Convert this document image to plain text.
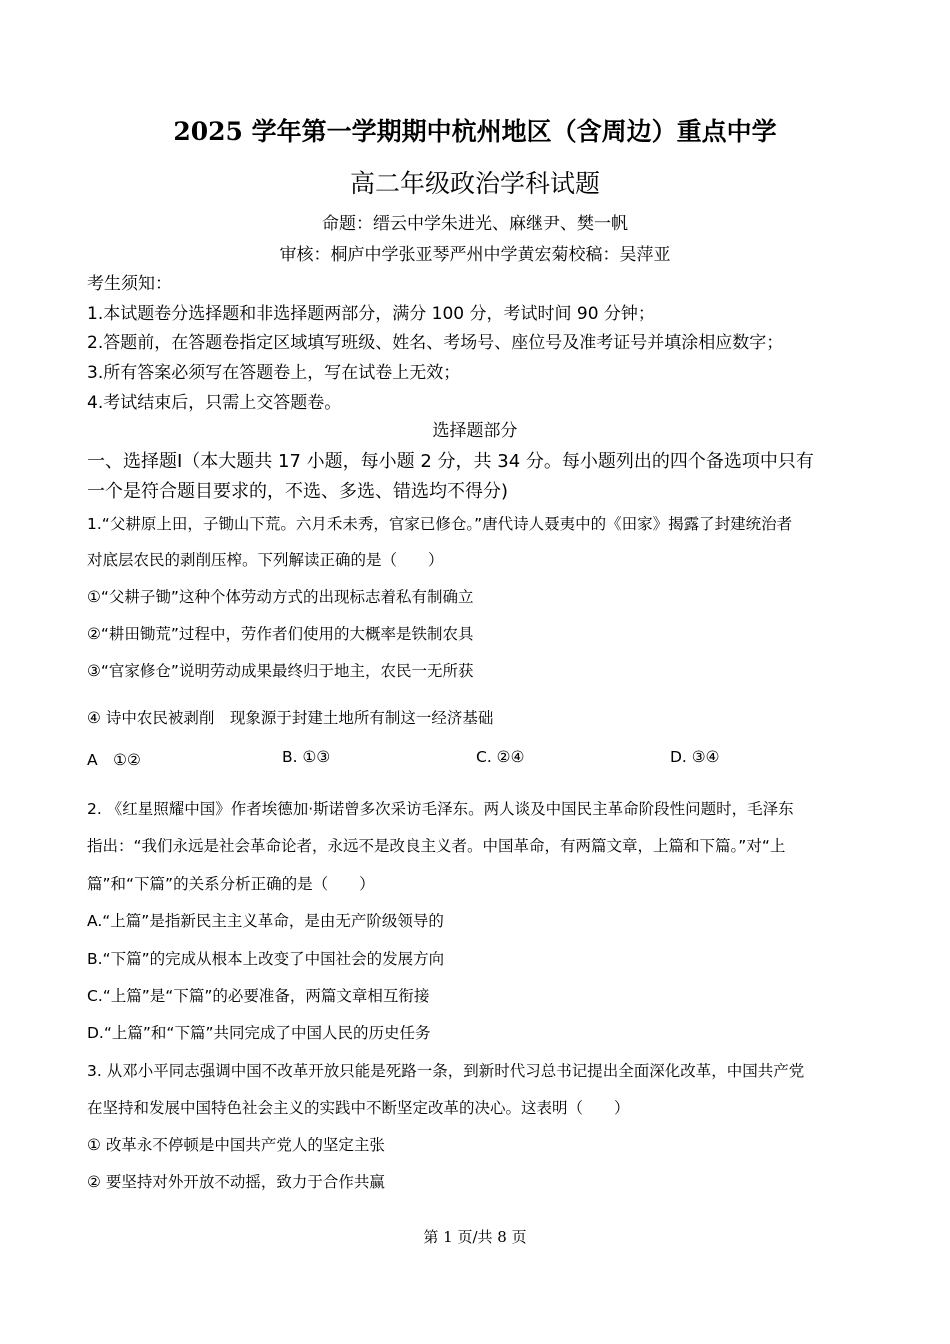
2025 学年第一学期期中杭州地区（含周边）重点中学
高二年级政治学科试题
命题：缙云中学朱进光、麻继尹、樊一帆
审核：桐庐中学张亚琴严州中学黄宏菊校稿：吴萍亚
考生须知：
1.本试题卷分选择题和非选择题两部分，满分 100 分，考试时间 90 分钟；
2.答题前，在答题卷指定区域填写班级、姓名、考场号、座位号及准考证号并填涂相应数字；
3.所有答案必须写在答题卷上，写在试卷上无效；
4.考试结束后，只需上交答题卷。
选择题部分
一、选择题Ⅰ（本大题共 17 小题，每小题 2 分，共 34 分。每小题列出的四个备选项中只有
一个是符合题目要求的，不选、多选、错选均不得分)
1.“父耕原上田，子锄山下荒。六月禾未秀，官家已修仓。”唐代诗人聂夷中的《田家》揭露了封建统治者
对底层农民的剥削压榨。下列解读正确的是（　　）
①“父耕子锄”这种个体劳动方式的出现标志着私有制确立
②“耕田锄荒”过程中，劳作者们使用的大概率是铁制农具
③“官家修仓”说明劳动成果最终归于地主，农民一无所获
④ 诗中农民被剥削　现象源于封建土地所有制这一经济基础
A　①②	B. ①③	C. ②④	D. ③④
2. 《红星照耀中国》作者埃德加·斯诺曾多次采访毛泽东。两人谈及中国民主革命阶段性问题时，毛泽东
指出：“我们永远是社会革命论者，永远不是改良主义者。中国革命，有两篇文章，上篇和下篇。”对“上
篇”和“下篇”的关系分析正确的是（　　）
A.“上篇”是指新民主主义革命，是由无产阶级领导的
B.“下篇”的完成从根本上改变了中国社会的发展方向
C.“上篇”是“下篇”的必要准备，两篇文章相互衔接
D.“上篇”和“下篇”共同完成了中国人民的历史任务
3. 从邓小平同志强调中国不改革开放只能是死路一条，到新时代习总书记提出全面深化改革，中国共产党
在坚持和发展中国特色社会主义的实践中不断坚定改革的决心。这表明（　　）
① 改革永不停顿是中国共产党人的坚定主张
② 要坚持对外开放不动摇，致力于合作共赢
第 1 页/共 8 页
